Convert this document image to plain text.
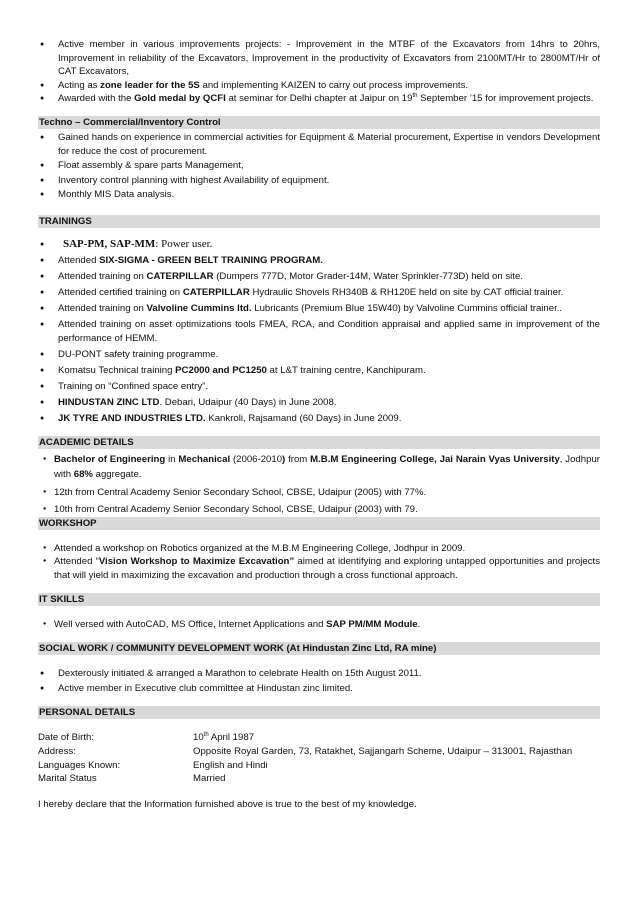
● Active member in various improvements projects: - Improvement in the MTBF of the Excavators from 14hrs to 20hrs, Improvement in reliability of the Excavators, Improvement in the productivity of Excavators from 2100MT/Hr to 2800MT/Hr of CAT Excavators,
● Acting as zone leader for the 5S and implementing KAIZEN to carry out process improvements.
● Awarded with the Gold medal by QCFI at seminar for Delhi chapter at Jaipur on 19th September ’15 for improvement projects.
Techno – Commercial/Inventory Control
● Gained hands on experience in commercial activities for Equipment & Material procurement, Expertise in vendors Development for reduce the cost of procurement.
● Float assembly & spare parts Management,
● Inventory control planning with highest Availability of equipment.
● Monthly MIS Data analysis.
TRAININGS
● SAP-PM, SAP-MM: Power user.
● Attended SIX-SIGMA - GREEN BELT TRAINING PROGRAM.
● Attended training on CATERPILLAR (Dumpers 777D, Motor Grader-14M, Water Sprinkler-773D) held on site.
● Attended certified training on CATERPILLAR Hydraulic Shovels RH340B & RH120E held on site by CAT official trainer.
● Attended training on Valvoline Cummins ltd. Lubricants (Premium Blue 15W40) by Valvoline Cummins official trainer..
● Attended training on asset optimizations tools FMEA, RCA, and Condition appraisal and applied same in improvement of the performance of HEMM.
● DU-PONT safety training programme.
● Komatsu Technical training PC2000 and PC1250 at L&T training centre, Kanchipuram.
● Training on “Confined space entry”.
● HINDUSTAN ZINC LTD. Debari, Udaipur (40 Days) in June 2008.
● JK TYRE AND INDUSTRIES LTD. Kankroli, Rajsamand (60 Days) in June 2009.
ACADEMIC DETAILS
● Bachelor of Engineering in Mechanical (2006-2010) from M.B.M Engineering College, Jai Narain Vyas University, Jodhpur with 68% aggregate.
● 12th from Central Academy Senior Secondary School, CBSE, Udaipur (2005) with 77%.
● 10th from Central Academy Senior Secondary School, CBSE, Udaipur (2003) with 79.
WORKSHOP
● Attended a workshop on Robotics organized at the M.B.M Engineering College, Jodhpur in 2009.
● Attended “Vision Workshop to Maximize Excavation” aimed at identifying and exploring untapped opportunities and projects that will yield in maximizing the excavation and production through a cross functional approach.
IT SKILLS
● Well versed with AutoCAD, MS Office, Internet Applications and SAP PM/MM Module.
SOCIAL WORK / COMMUNITY DEVELOPMENT WORK (At Hindustan Zinc Ltd, RA mine)
● Dexterously initiated & arranged a Marathon to celebrate Health on 15th August 2011.
● Active member in Executive club committee at Hindustan zinc limited.
PERSONAL DETAILS
Date of Birth:	10th April 1987
Address:	Opposite Royal Garden, 73, Ratakhet, Sajjangarh Scheme, Udaipur – 313001, Rajasthan
Languages Known:	English and Hindi
Marital Status	Married
I hereby declare that the Information furnished above is true to the best of my knowledge.
